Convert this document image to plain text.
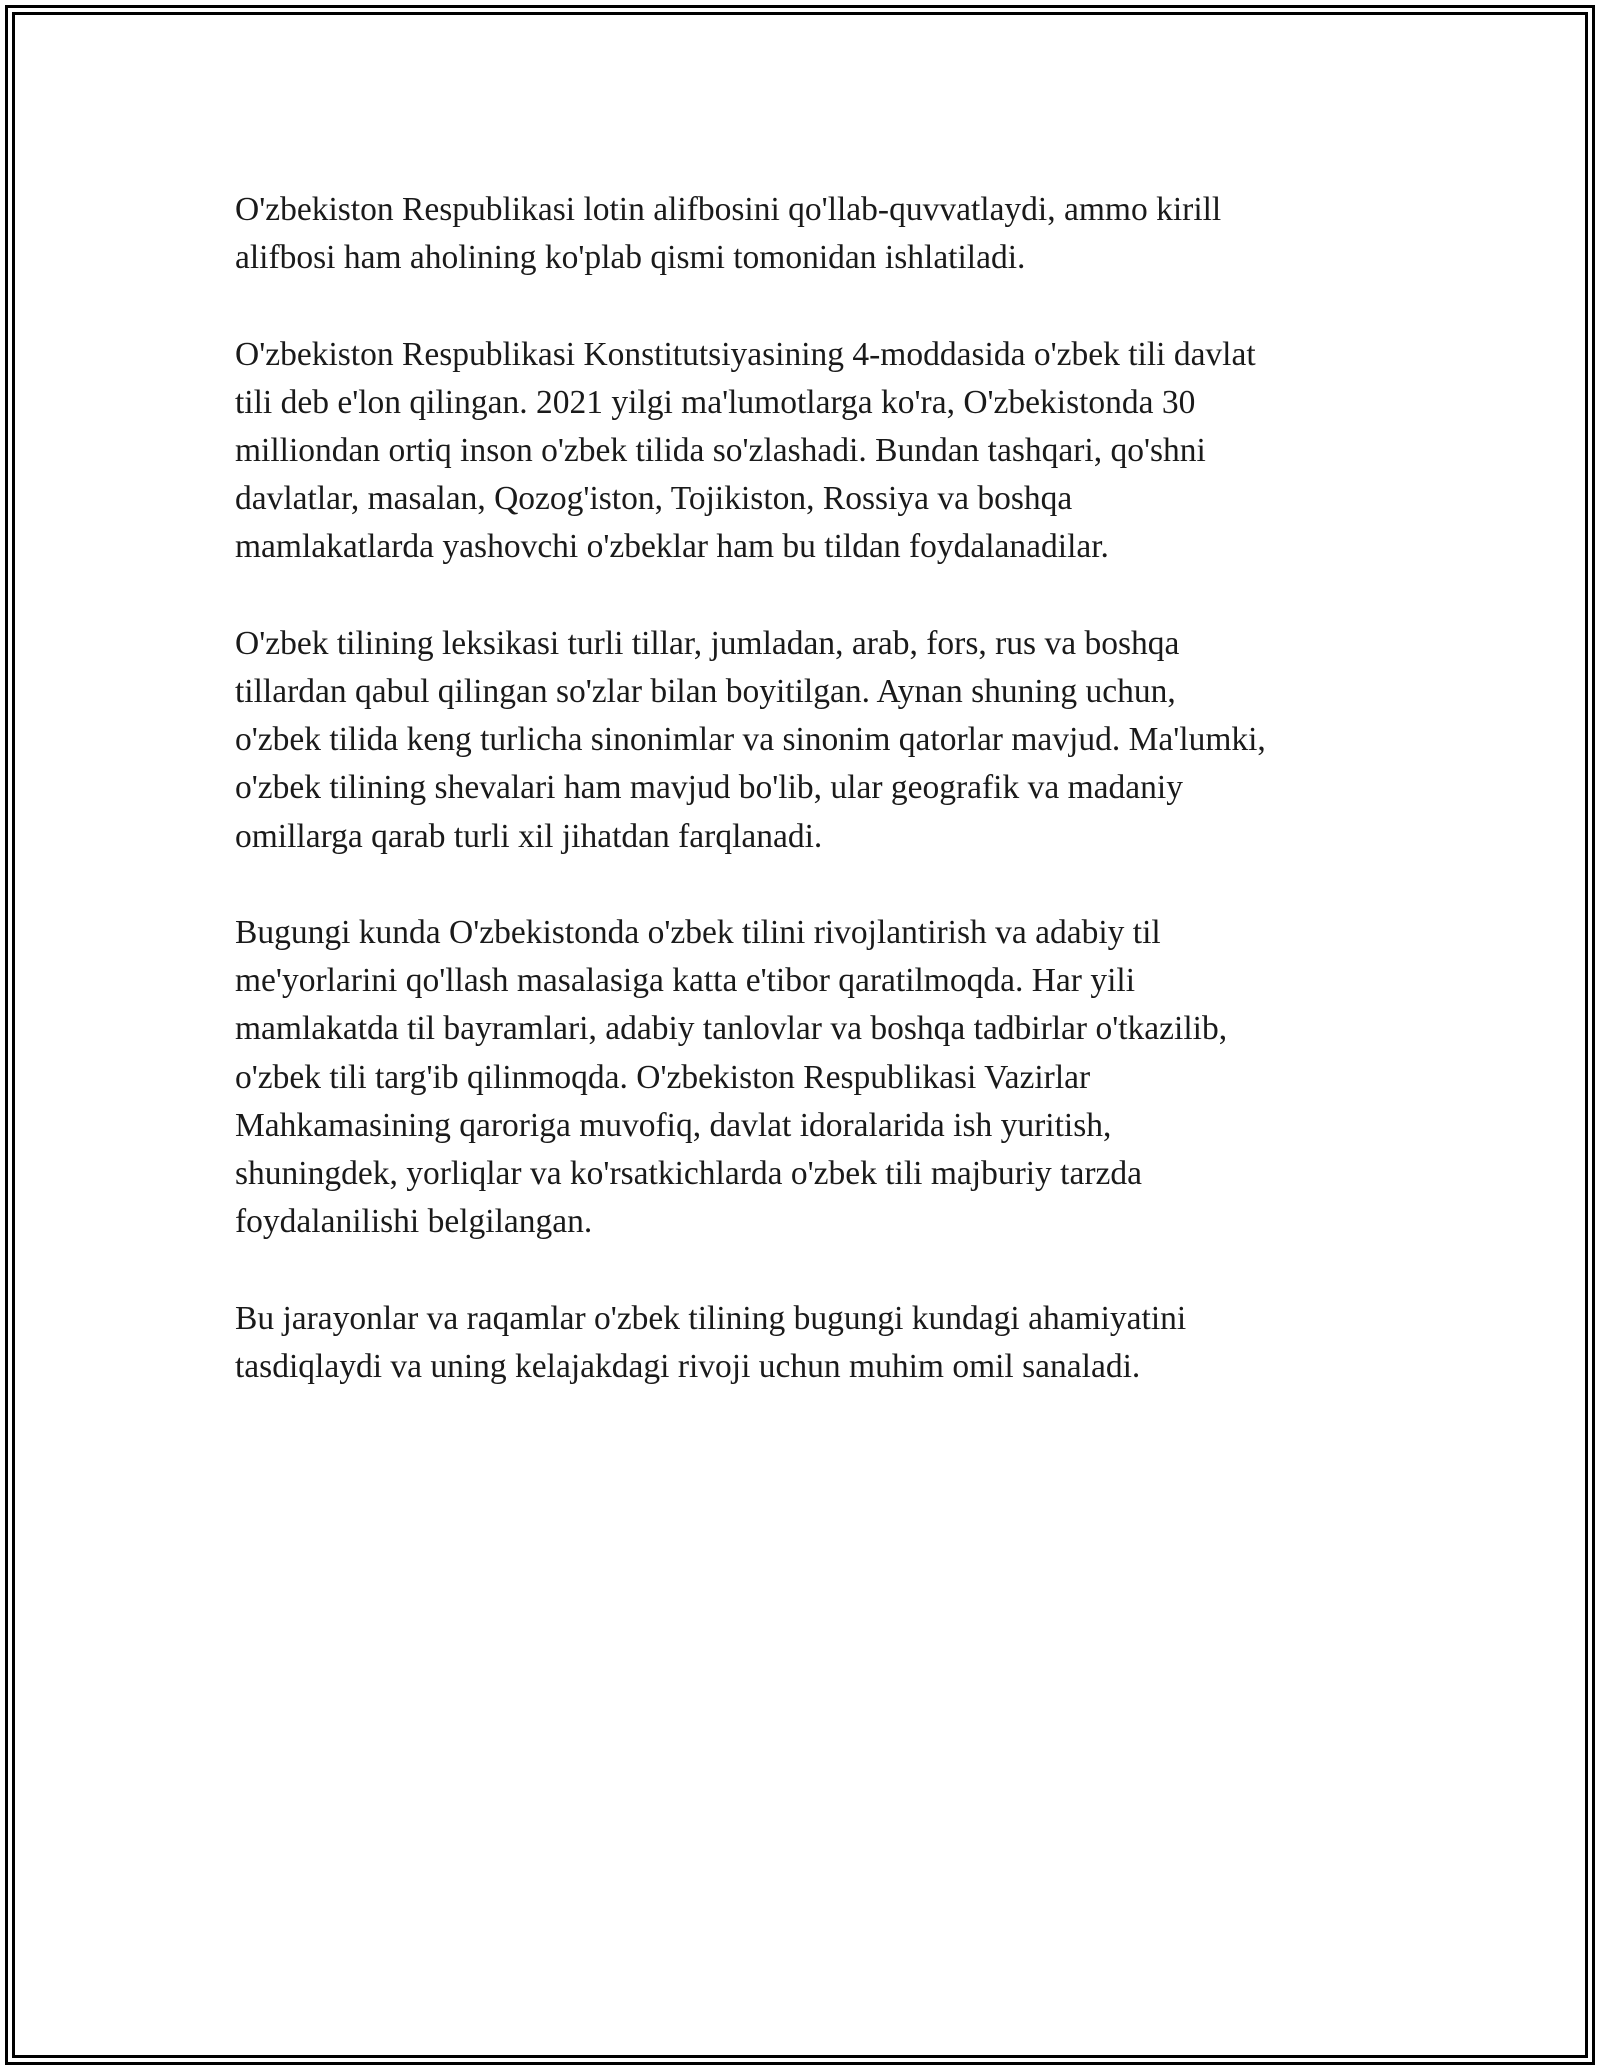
O'zbekiston Respublikasi lotin alifbosini qo'llab-quvvatlaydi, ammo kirill
alifbosi ham aholining ko'plab qismi tomonidan ishlatiladi.

O'zbekiston Respublikasi Konstitutsiyasining 4-moddasida o'zbek tili davlat
tili deb e'lon qilingan. 2021 yilgi ma'lumotlarga ko'ra, O'zbekistonda 30
milliondan ortiq inson o'zbek tilida so'zlashadi. Bundan tashqari, qo'shni
davlatlar, masalan, Qozog'iston, Tojikiston, Rossiya va boshqa
mamlakatlarda yashovchi o'zbeklar ham bu tildan foydalanadilar.

O'zbek tilining leksikasi turli tillar, jumladan, arab, fors, rus va boshqa
tillardan qabul qilingan so'zlar bilan boyitilgan. Aynan shuning uchun,
o'zbek tilida keng turlicha sinonimlar va sinonim qatorlar mavjud. Ma'lumki,
o'zbek tilining shevalari ham mavjud bo'lib, ular geografik va madaniy
omillarga qarab turli xil jihatdan farqlanadi.

Bugungi kunda O'zbekistonda o'zbek tilini rivojlantirish va adabiy til
me'yorlarini qo'llash masalasiga katta e'tibor qaratilmoqda. Har yili
mamlakatda til bayramlari, adabiy tanlovlar va boshqa tadbirlar o'tkazilib,
o'zbek tili targ'ib qilinmoqda. O'zbekiston Respublikasi Vazirlar
Mahkamasining qaroriga muvofiq, davlat idoralarida ish yuritish,
shuningdek, yorliqlar va ko'rsatkichlarda o'zbek tili majburiy tarzda
foydalanilishi belgilangan.

Bu jarayonlar va raqamlar o'zbek tilining bugungi kundagi ahamiyatini
tasdiqlaydi va uning kelajakdagi rivoji uchun muhim omil sanaladi.
